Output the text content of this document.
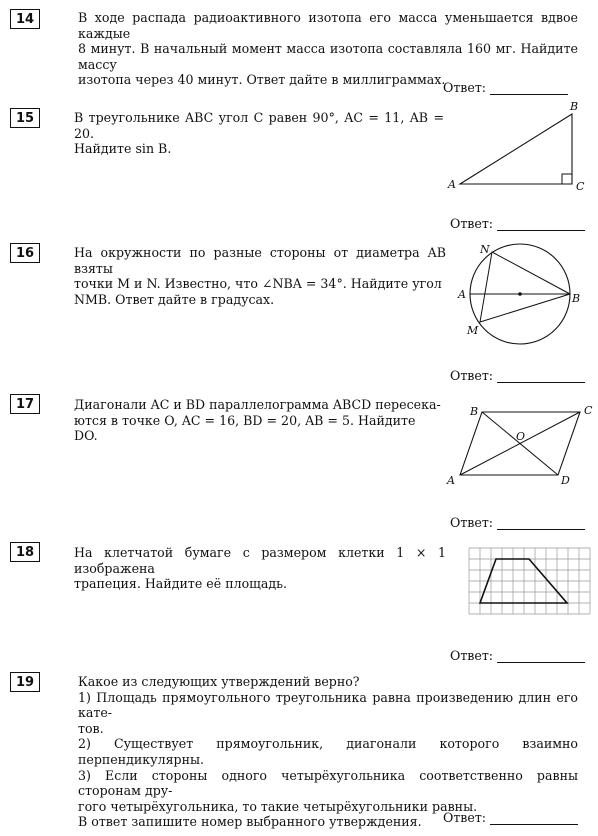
14	В ходе распада радиоактивного изотопа его масса уменьшается вдвое каждые
8 минут. В начальный момент масса изотопа составляла 160 мг. Найдите массу
изотопа через 40 минут. Ответ дайте в миллиграммах.
Ответ:
15	В треугольнике ABC угол C равен 90°, AC = 11, AB = 20.
Найдите sin B.
A
B
C
Ответ:
16	На окружности по разные стороны от диаметра AB взяты
точки M и N. Известно, что ∠NBA = 34°. Найдите угол
NMB. Ответ дайте в градусах.	A	B
N
M
Ответ:
17	Диагонали AC и BD параллелограмма ABCD пересека-
ются в точке O, AC = 16, BD = 20, AB = 5. Найдите
DO.
A
B	C
D
O
Ответ:
18	На клетчатой бумаге с размером клетки 1 × 1 изображена
трапеция. Найдите её площадь.
Ответ:
19	Какое из следующих утверждений верно?
1) Площадь прямоугольного треугольника равна произведению длин его кате-
тов.
2) Существует прямоугольник, диагонали которого взаимно перпендикулярны.
3) Если стороны одного четырёхугольника соответственно равны сторонам дру-
гого четырёхугольника, то такие четырёхугольники равны.
В ответ запишите номер выбранного утверждения.	Ответ:
